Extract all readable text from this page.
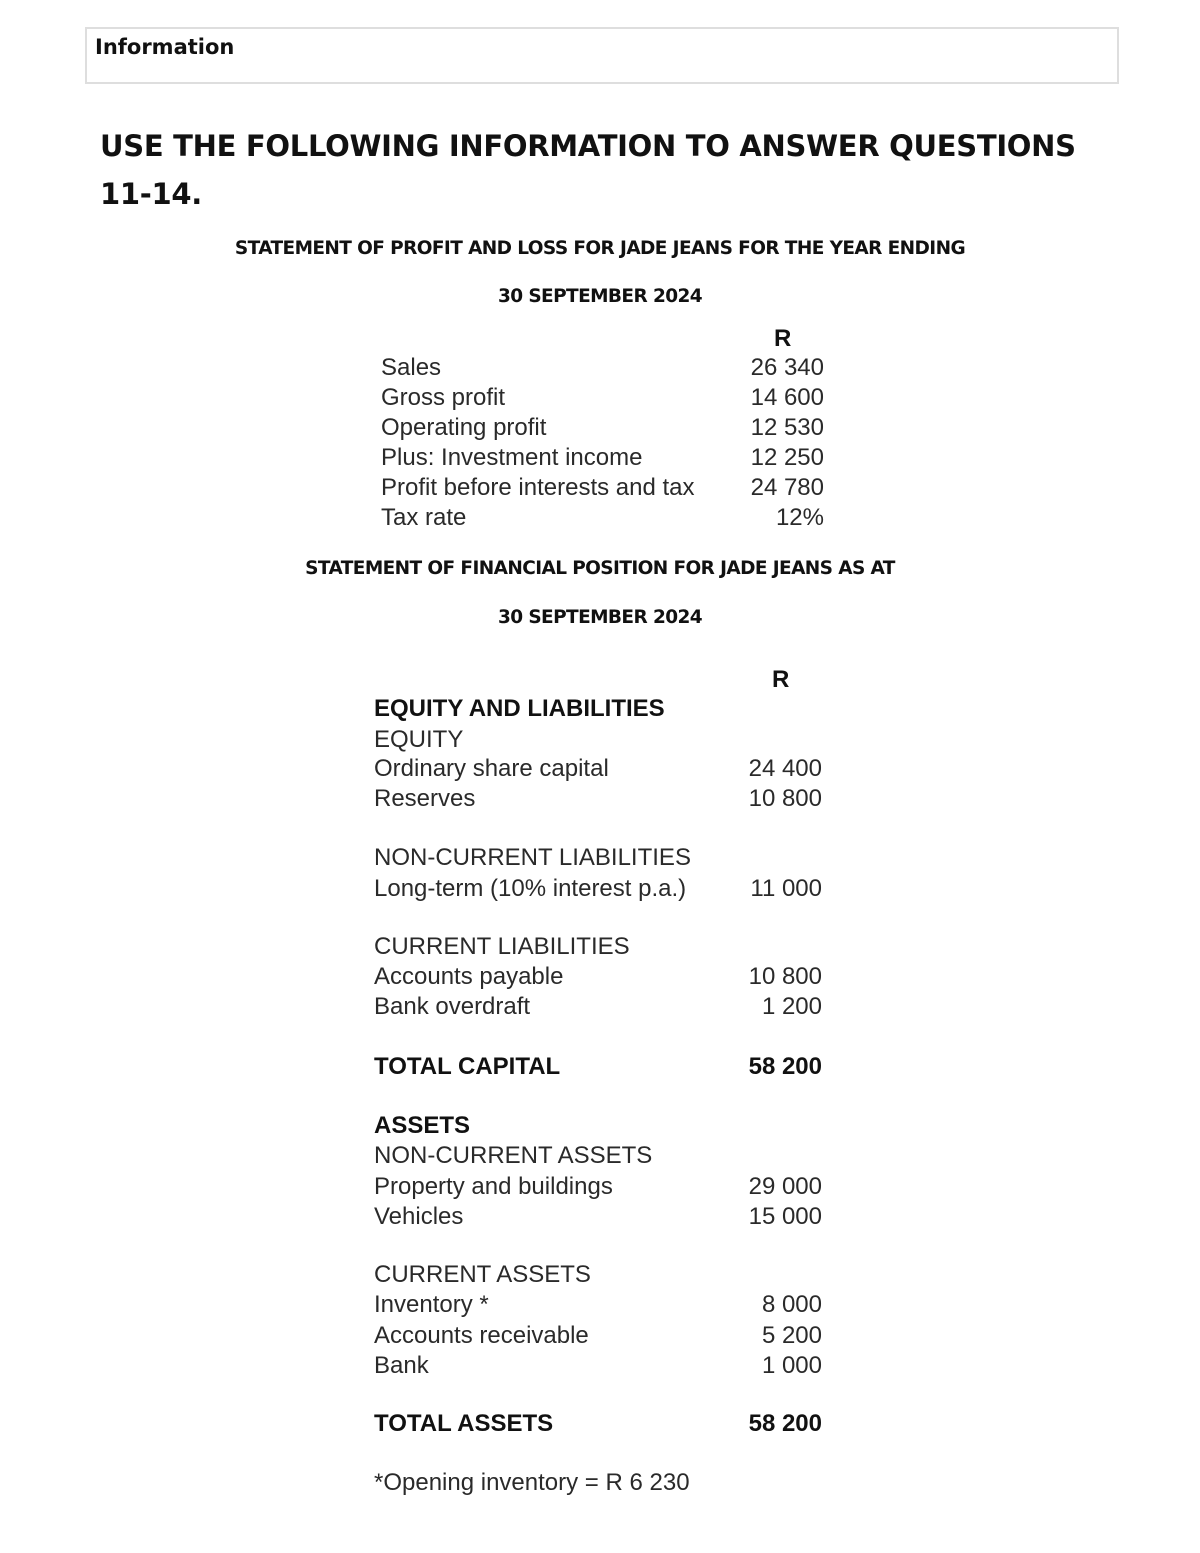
Information
USE THE FOLLOWING INFORMATION TO ANSWER QUESTIONS 11-14.
STATEMENT OF PROFIT AND LOSS FOR JADE JEANS FOR THE YEAR ENDING
30 SEPTEMBER 2024
R
Sales	26 340
Gross profit	14 600
Operating profit	12 530
Plus: Investment income	12 250
Profit before interests and tax 24 780
Tax rate	12%
STATEMENT OF FINANCIAL POSITION FOR JADE JEANS AS AT
30 SEPTEMBER 2024
R
EQUITY AND LIABILITIES
EQUITY
Ordinary share capital	24 400
Reserves	10 800
NON-CURRENT LIABILITIES
Long-term (10% interest p.a.)	11 000
CURRENT LIABILITIES
Accounts payable	10 800
Bank overdraft	1 200
TOTAL CAPITAL	58 200
ASSETS
NON-CURRENT ASSETS
Property and buildings	29 000
Vehicles	15 000
CURRENT ASSETS
Inventory *	8 000
Accounts receivable	5 200
Bank	1 000
TOTAL ASSETS	58 200
*Opening inventory = R 6 230
